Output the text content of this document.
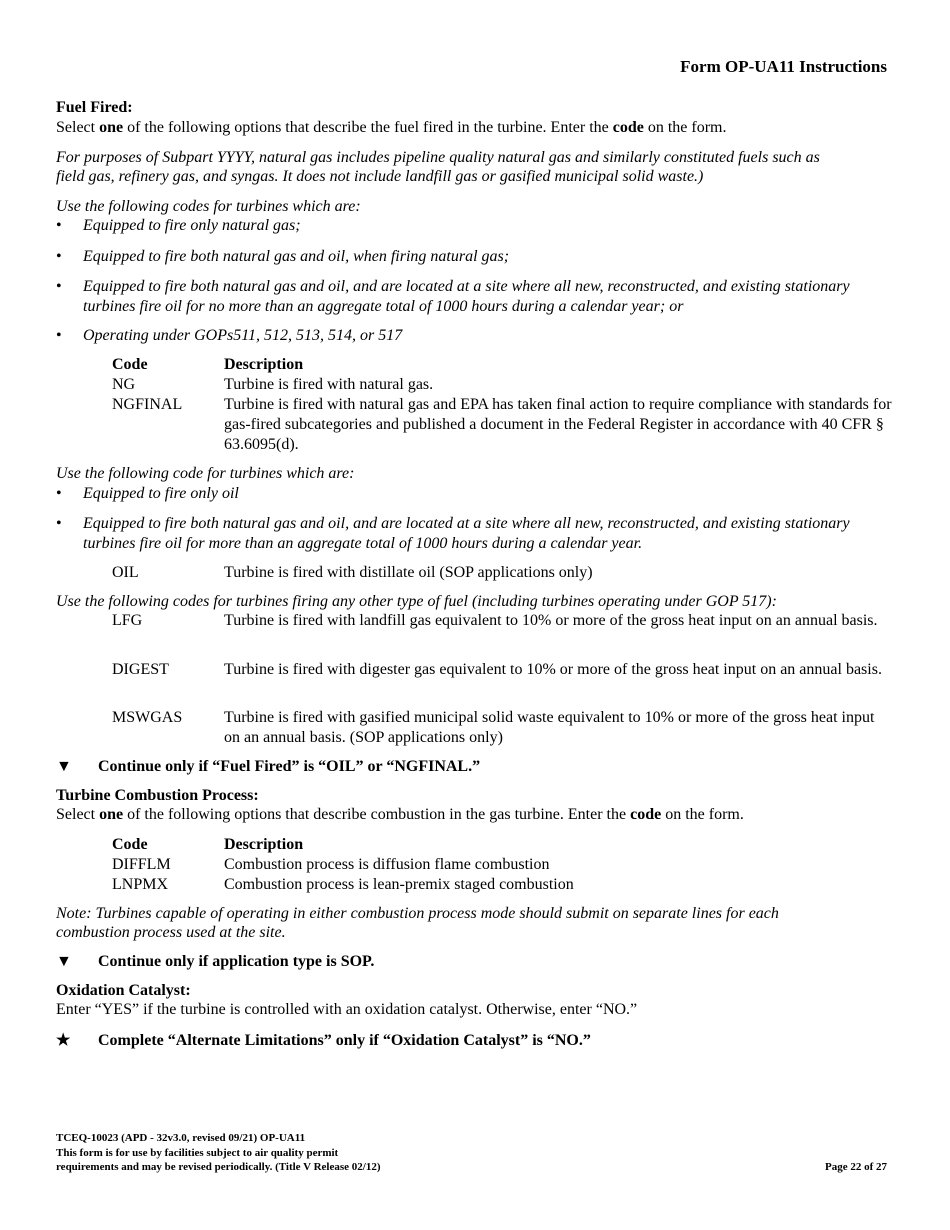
Form OP-UA11 Instructions
Fuel Fired:
Select one of the following options that describe the fuel fired in the turbine. Enter the code on the form.
For purposes of Subpart YYYY, natural gas includes pipeline quality natural gas and similarly constituted fuels such as
field gas, refinery gas, and syngas. It does not include landfill gas or gasified municipal solid waste.)
Use the following codes for turbines which are:
• Equipped to fire only natural gas;
• Equipped to fire both natural gas and oil, when firing natural gas;
• Equipped to fire both natural gas and oil, and are located at a site where all new, reconstructed, and existing stationary turbines fire oil for no more than an aggregate total of 1000 hours during a calendar year; or
• Operating under GOPs511, 512, 513, 514, or 517
Code	Description
NG	Turbine is fired with natural gas.
NGFINAL	Turbine is fired with natural gas and EPA has taken final action to require compliance with standards for gas-fired subcategories and published a document in the Federal Register in accordance with 40 CFR § 63.6095(d).
Use the following code for turbines which are:
• Equipped to fire only oil
• Equipped to fire both natural gas and oil, and are located at a site where all new, reconstructed, and existing stationary turbines fire oil for more than an aggregate total of 1000 hours during a calendar year.
OIL	Turbine is fired with distillate oil (SOP applications only)
Use the following codes for turbines firing any other type of fuel (including turbines operating under GOP 517):
LFG	Turbine is fired with landfill gas equivalent to 10% or more of the gross heat input on an annual basis.
DIGEST	Turbine is fired with digester gas equivalent to 10% or more of the gross heat input on an annual basis.
MSWGAS	Turbine is fired with gasified municipal solid waste equivalent to 10% or more of the gross heat input on an annual basis. (SOP applications only)
▼ Continue only if “Fuel Fired” is “OIL” or “NGFINAL.”
Turbine Combustion Process:
Select one of the following options that describe combustion in the gas turbine. Enter the code on the form.
Code	Description
DIFFLM	Combustion process is diffusion flame combustion
LNPMX	Combustion process is lean-premix staged combustion
Note: Turbines capable of operating in either combustion process mode should submit on separate lines for each
combustion process used at the site.
▼ Continue only if application type is SOP.
Oxidation Catalyst:
Enter “YES” if the turbine is controlled with an oxidation catalyst. Otherwise, enter “NO.”
★ Complete “Alternate Limitations” only if “Oxidation Catalyst” is “NO.”
TCEQ-10023 (APD - 32v3.0, revised 09/21) OP-UA11
This form is for use by facilities subject to air quality permit
requirements and may be revised periodically. (Title V Release 02/12)	Page 22 of 27
